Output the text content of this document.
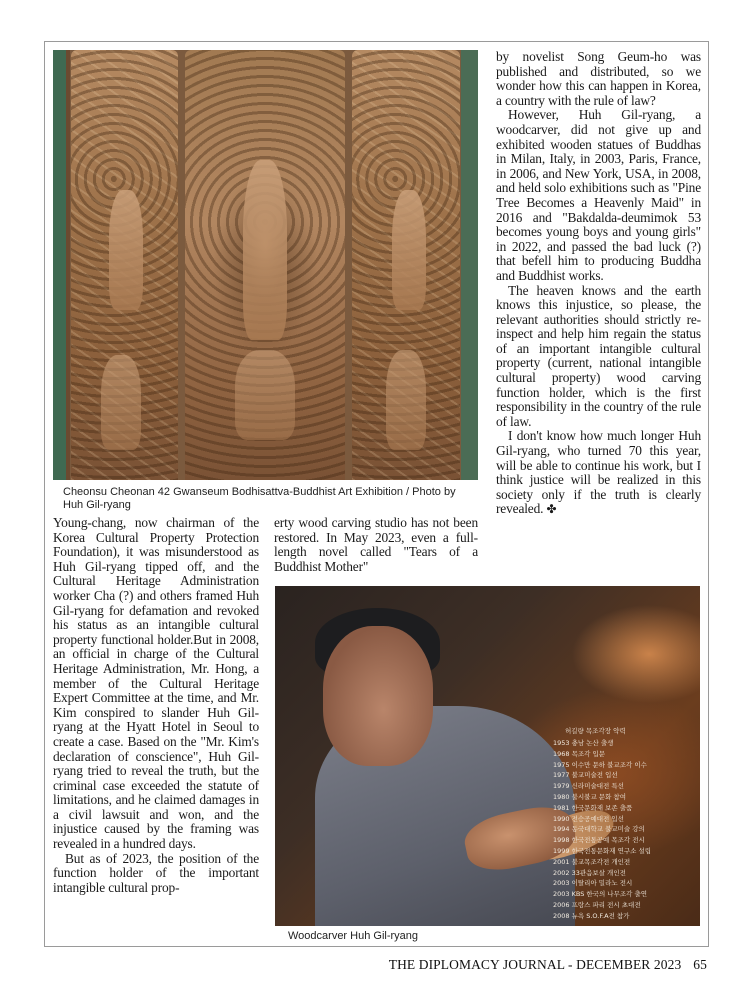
Cheonsu Cheonan 42 Gwanseum Bodhisattva-Buddhist Art Exhibition / Photo by Huh Gil-ryang

Young-chang, now chairman of the Korea Cultural Property Protection Foundation), it was misunderstood as Huh Gil-ryang tipped off, and the Cultural Heritage Administration worker Cha (?) and others framed Huh Gil-ryang for defamation and revoked his status as an intangible cultural property functional holder.But in 2008, an official in charge of the Cultural Heritage Administration, Mr. Hong, a member of the Cultural Heritage Expert Committee at the time, and Mr. Kim conspired to slander Huh Gil-ryang at the Hyatt Hotel in Seoul to create a case. Based on the "Mr. Kim's declaration of conscience", Huh Gil-ryang tried to reveal the truth, but the criminal case exceeded the statute of limitations, and he claimed damages in a civil lawsuit and won, and the injustice caused by the framing was revealed in a hundred days.

But as of 2023, the position of the function holder of the important intangible cultural prop-

erty wood carving studio has not been restored. In May 2023, even a full-length novel called "Tears of a Buddhist Mother"

by novelist Song Geum-ho was published and distributed, so we wonder how this can happen in Korea, a country with the rule of law?

However, Huh Gil-ryang, a woodcarver, did not give up and exhibited wooden statues of Buddhas in Milan, Italy, in 2003, Paris, France, in 2006, and New York, USA, in 2008, and held solo exhibitions such as "Pine Tree Becomes a Heavenly Maid" in 2016 and "Bakdalda-deumimok 53 becomes young boys and young girls" in 2022, and passed the bad luck (?) that befell him to producing Buddha and Buddhist works.

The heaven knows and the earth knows this injustice, so please, the relevant authorities should strictly re-inspect and help him regain the status of an important intangible cultural property (current, national intangible cultural property) wood carving function holder, which is the first responsibility in the country of the rule of law.

I don't know how much longer Huh Gil-ryang, who turned 70 this year, will be able to continue his work, but I think justice will be realized in this society only if the truth is clearly revealed. ✤

허길량 목조각장 약력
1953 충남 논산 출생
1968 목조각 입문
1975 이수만 문하 불교조각 이수
1977 불교미술전 입선
1979 신라미술대전 특선
1980 불시불교 문화 참여
1981 한국문화재 보존 출품
1990 전승공예대전 입선
1994 동국대학교 불교미술 강의
1998 한국전통공예 목조각 전시
1999 한국전통문화재 연구소 설립
2001 불교목조각전 개인전
2002 33관음보살 개인전
2003 이탈리아 밀라노 전시
2003 KBS 한국의 나무조각 출연
2006 프랑스 파리 전시 초대전
2008 뉴욕 S.O.F.A전 참가
Woodcarver Huh Gil-ryang
THE DIPLOMACY JOURNAL - DECEMBER 2023 65
